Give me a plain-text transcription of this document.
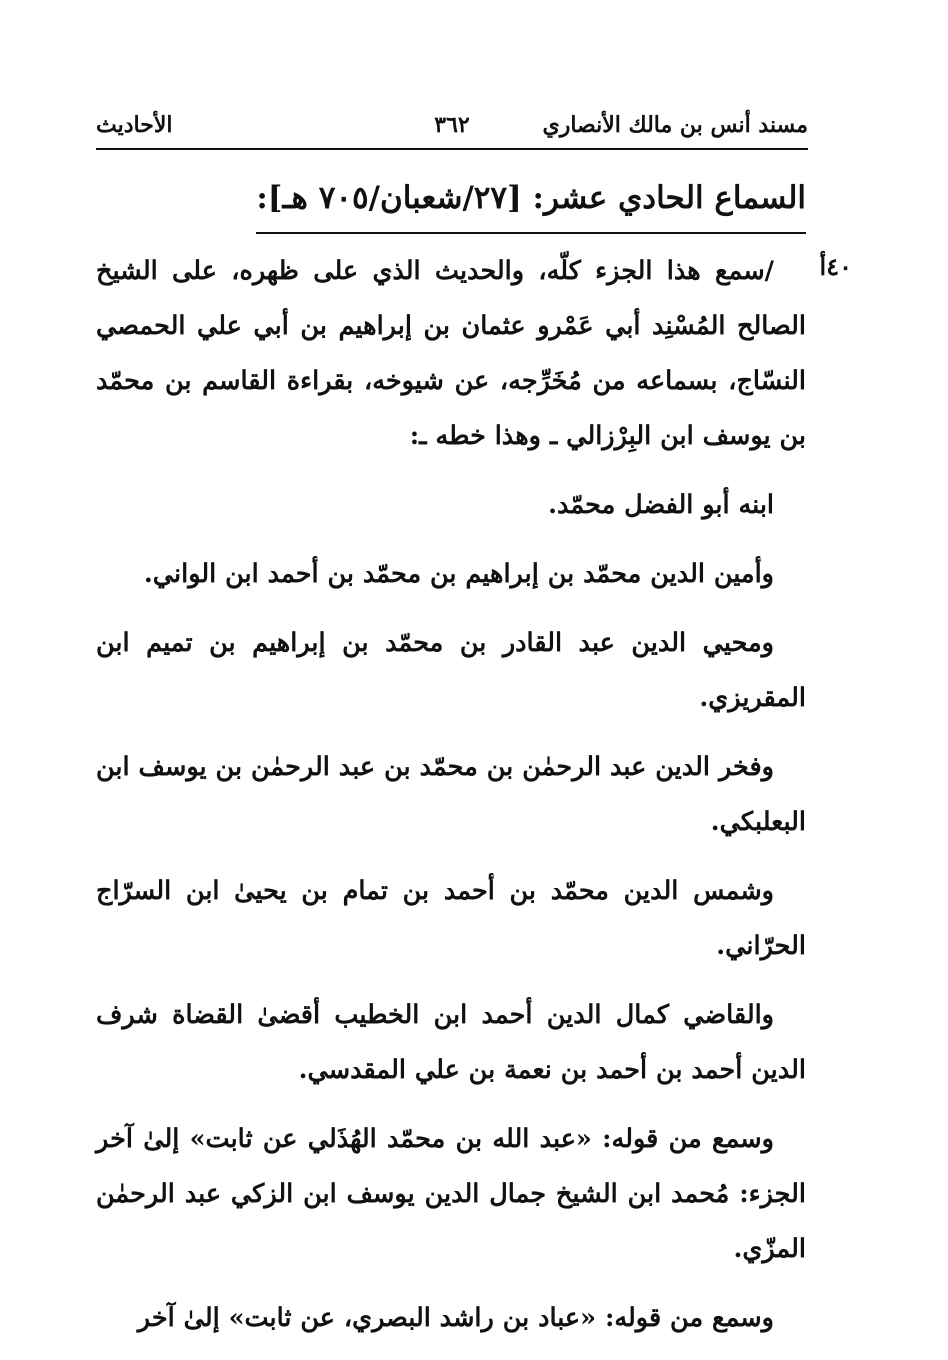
مسند أنس بن مالك الأنصاري
٣٦٢
الأحاديث
السماع الحادي عشر: [٢٧/شعبان/٧٠٥ هـ]:
٤٠أ

/سمع هذا الجزء كلّه، والحديث الذي على ظهره، على الشيخ الصالح المُسْنِد أبي عَمْرو عثمان بن إبراهيم بن أبي علي الحمصي النسّاج، بسماعه من مُخَرِّجه، عن شيوخه، بقراءة القاسم بن محمّد بن يوسف ابن البِرْزالي ـ وهذا خطه ـ:

ابنه أبو الفضل محمّد.

وأمين الدين محمّد بن إبراهيم بن محمّد بن أحمد ابن الواني.

ومحيي الدين عبد القادر بن محمّد بن إبراهيم بن تميم ابن المقريزي.

وفخر الدين عبد الرحمٰن بن محمّد بن عبد الرحمٰن بن يوسف ابن البعلبكي.

وشمس الدين محمّد بن أحمد بن تمام بن يحيىٰ ابن السرّاج الحرّاني.

والقاضي كمال الدين أحمد ابن الخطيب أقضىٰ القضاة شرف الدين أحمد بن أحمد بن نعمة بن علي المقدسي.

وسمع من قوله: «عبد الله بن محمّد الهُذَلي عن ثابت» إلىٰ آخر الجزء: مُحمد ابن الشيخ جمال الدين يوسف ابن الزكي عبد الرحمٰن المزّي.

وسمع من قوله: «عباد بن راشد البصري، عن ثابت» إلىٰ آخر
